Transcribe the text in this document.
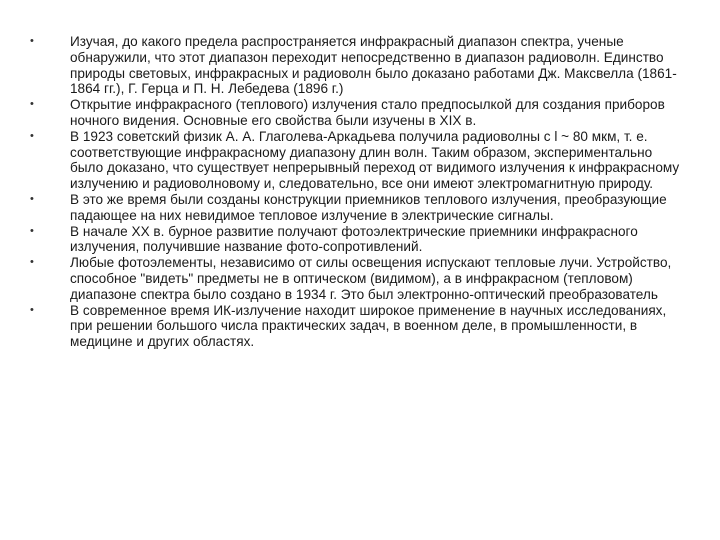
•	Изучая, до какого предела распространяется инфракрасный диапазон спектра, ученые обнаружили, что этот диапазон переходит непосредственно в диапазон радиоволн. Единство природы световых, инфракрасных и радиоволн было доказано работами Дж. Максвелла (1861-1864 гг.), Г. Герца и П. Н. Лебедева (1896 г.)
•	Открытие инфракрасного (теплового) излучения стало предпосылкой для создания приборов ночного видения. Основные его свойства были изучены в XIX в.
•	В 1923 советский физик А. А. Глаголева-Аркадьева получила радиоволны с l ~ 80 мкм, т. е. соответствующие инфракрасному диапазону длин волн. Таким образом, экспериментально было доказано, что существует непрерывный переход от видимого излучения к инфракрасному излучению и радиоволновому и, следовательно, все они имеют электромагнитную природу.
•	В это же время были созданы конструкции приемников теплового излучения, преобразующие падающее на них невидимое тепловое излучение в электрические сигналы.
•	В начале XX в. бурное развитие получают фотоэлектрические приемники инфракрасного излучения, получившие название фото-сопротивлений.
•	Любые фотоэлементы, независимо от силы освещения испускают тепловые лучи. Устройство, способное "видеть" предметы не в оптическом (видимом), а в инфракрасном (тепловом) диапазоне спектра было создано в 1934 г. Это был электронно-оптический преобразователь
•	В современное время ИК-излучение находит широкое применение в научных исследованиях, при решении большого числа практических задач, в военном деле, в промышленности, в медицине и других областях.
